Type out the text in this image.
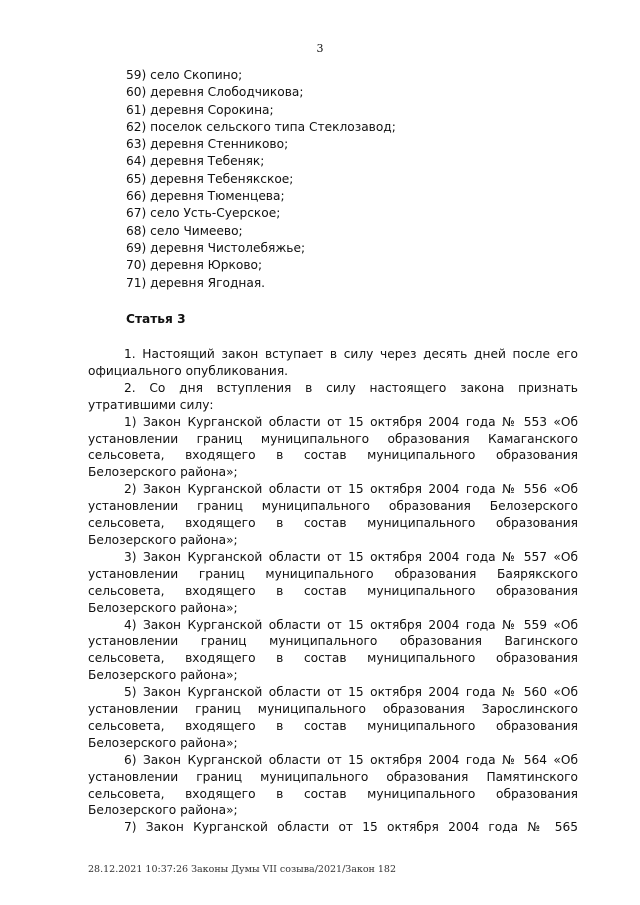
3
59) село Скопино;
60) деревня Слободчикова;
61) деревня Сорокина;
62) поселок сельского типа Стеклозавод;
63) деревня Стенниково;
64) деревня Тебеняк;
65) деревня Тебенякское;
66) деревня Тюменцева;
67) село Усть-Суерское;
68) село Чимеево;
69) деревня Чистолебяжье;
70) деревня Юрково;
71) деревня Ягодная.
Статья 3

1. Настоящий закон вступает в силу через десять дней после его официального опубликования.

2. Со дня вступления в силу настоящего закона признать утратившими силу:

1) Закон Курганской области от 15 октября 2004 года № 553 «Об установлении границ муниципального образования Камаганского сельсовета, входящего в состав муниципального образования Белозерского района»;

2) Закон Курганской области от 15 октября 2004 года № 556 «Об установлении границ муниципального образования Белозерского сельсовета, входящего в состав муниципального образования Белозерского района»;

3) Закон Курганской области от 15 октября 2004 года № 557 «Об установлении границ муниципального образования Баярякского сельсовета, входящего в состав муниципального образования Белозерского района»;

4) Закон Курганской области от 15 октября 2004 года № 559 «Об установлении границ муниципального образования Вагинского сельсовета, входящего в состав муниципального образования Белозерского района»;

5) Закон Курганской области от 15 октября 2004 года № 560 «Об установлении границ муниципального образования Зарослинского сельсовета, входящего в состав муниципального образования Белозерского района»;

6) Закон Курганской области от 15 октября 2004 года № 564 «Об установлении границ муниципального образования Памятинского сельсовета, входящего в состав муниципального образования Белозерского района»;

7) Закон Курганской области от 15 октября 2004 года № 565

28.12.2021 10:37:26 Законы Думы VII созыва/2021/Закон 182
